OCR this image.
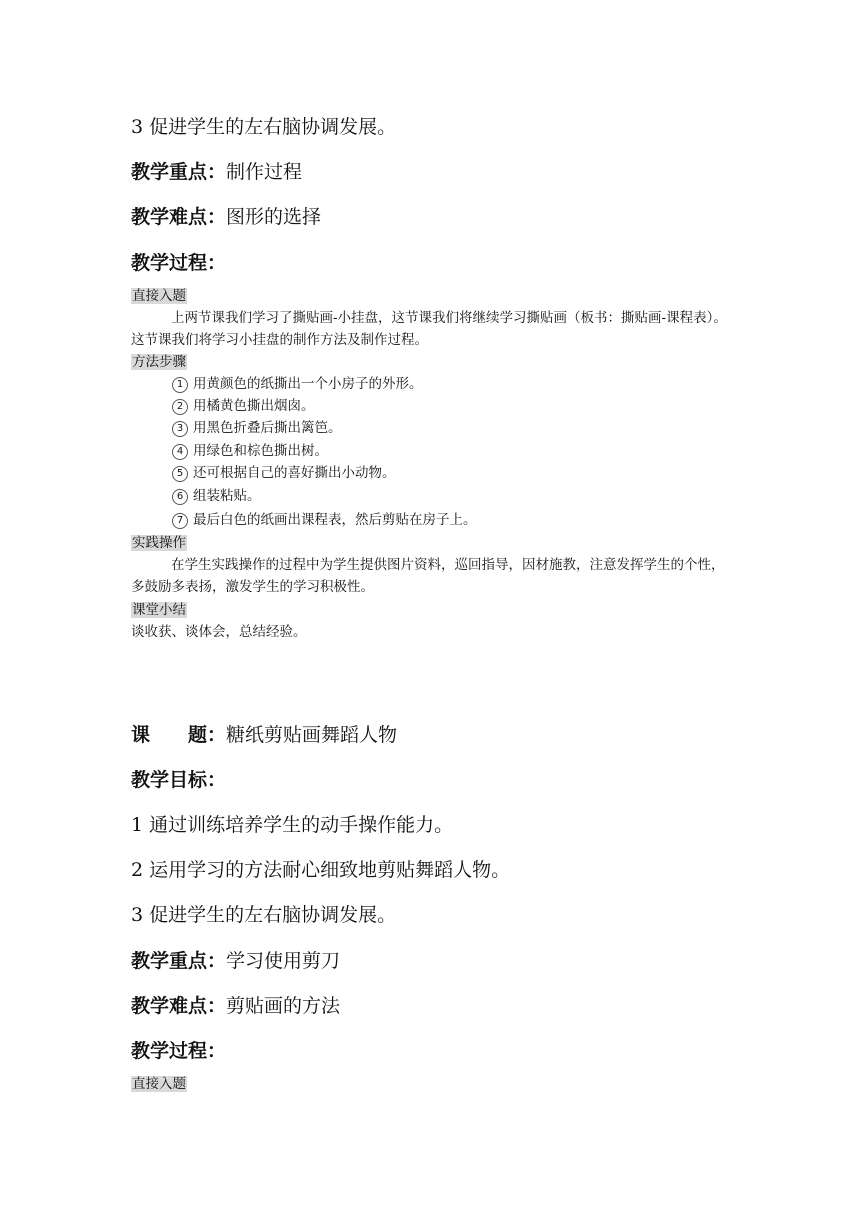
3 促进学生的左右脑协调发展。
教学重点：制作过程
教学难点：图形的选择
教学过程：
直接入题
上两节课我们学习了撕贴画-小挂盘，这节课我们将继续学习撕贴画（板书：撕贴画-课程表）。这节课我们将学习小挂盘的制作方法及制作过程。
方法步骤
1 用黄颜色的纸撕出一个小房子的外形。
2 用橘黄色撕出烟囱。
3 用黑色折叠后撕出篱笆。
4 用绿色和棕色撕出树。
5 还可根据自己的喜好撕出小动物。
6 组装粘贴。
7 最后白色的纸画出课程表，然后剪贴在房子上。
实践操作
在学生实践操作的过程中为学生提供图片资料，巡回指导，因材施教，注意发挥学生的个性，多鼓励多表扬，激发学生的学习积极性。
课堂小结
谈收获、谈体会，总结经验。
课 题：糖纸剪贴画舞蹈人物
教学目标：
1 通过训练培养学生的动手操作能力。
2 运用学习的方法耐心细致地剪贴舞蹈人物。
3 促进学生的左右脑协调发展。
教学重点：学习使用剪刀
教学难点：剪贴画的方法
教学过程：
直接入题
